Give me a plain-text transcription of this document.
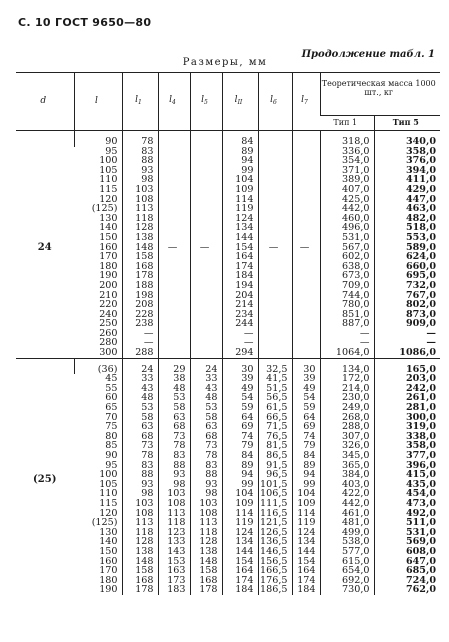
С. 10 ГОСТ 9650—80
Продолжение табл. 1
Размеры, мм

d	l	$l_1$	$l_4$	$l_5$	$l_{II}$	$l_6$	$l_7$	Теоретическая масса 1000 шт., кг	
								Тип 1	Тип 5

24	90	78	—	—	84	—	—	318,0	340,0
	95	83			89			336,0	358,0
	100	88			94			354,0	376,0
	105	93			99			371,0	394,0
	110	98			104			389,0	411,0
	115	103			109			407,0	429,0
	120	108			114			425,0	447,0
	(125)	113			119			442,0	463,0
	130	118			124			460,0	482,0
	140	128			134			496,0	518,0
	150	138			144			531,0	553,0
	160	148			154			567,0	589,0
	170	158			164			602,0	624,0
	180	168			174			638,0	660,0
	190	178			184			673,0	695,0
	200	188			194			709,0	732,0
	210	198			204			744,0	767,0
	220	208			214			780,0	802,0
	240	228			234			851,0	873,0
	250	238			244			887,0	909,0
	260	—			—			—	—
	280	—			—			—	—
	300	288			294			1064,0	1086,0

(25)	(36)	24	29	24	30	32,5	30	134,0	165,0
	45	33	38	33	39	41,5	39	172,0	203,0
	55	43	48	43	49	51,5	49	214,0	242,0
	60	48	53	48	54	56,5	54	230,0	261,0
	65	53	58	53	59	61,5	59	249,0	281,0
	70	58	63	58	64	66,5	64	268,0	300,0
	75	63	68	63	69	71,5	69	288,0	319,0
	80	68	73	68	74	76,5	74	307,0	338,0
	85	73	78	73	79	81,5	79	326,0	358,0
	90	78	83	78	84	86,5	84	345,0	377,0
	95	83	88	83	89	91,5	89	365,0	396,0
	100	88	93	88	94	96,5	94	384,0	415,0
	105	93	98	93	99	101,5	99	403,0	435,0
	110	98	103	98	104	106,5	104	422,0	454,0
	115	103	108	103	109	111,5	109	442,0	473,0
	120	108	113	108	114	116,5	114	461,0	492,0
	(125)	113	118	113	119	121,5	119	481,0	511,0
	130	118	123	118	124	126,5	124	499,0	531,0
	140	128	133	128	134	136,5	134	538,0	569,0
	150	138	143	138	144	146,5	144	577,0	608,0
	160	148	153	148	154	156,5	154	615,0	647,0
	170	158	163	158	164	166,5	164	654,0	685,0
	180	168	173	168	174	176,5	174	692,0	724,0
	190	178	183	178	184	186,5	184	730,0	762,0
